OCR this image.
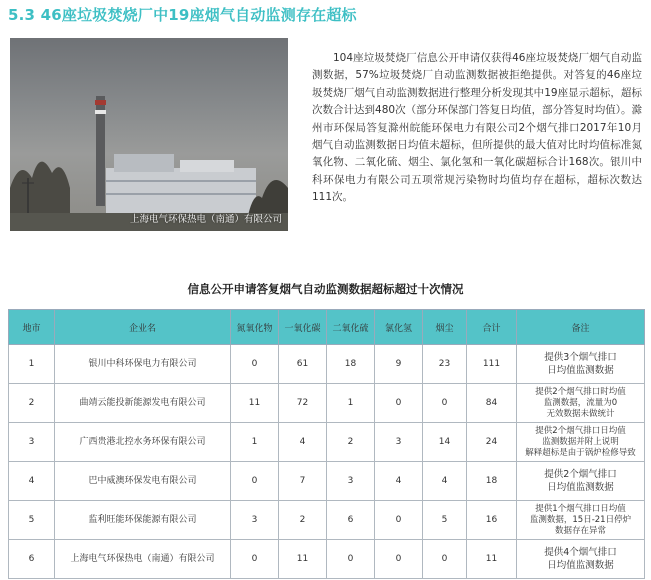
5.3 46座垃圾焚烧厂中19座烟气自动监测存在超标
上海电气环保热电（南通）有限公司

104座垃圾焚烧厂信息公开申请仅获得46座垃圾焚烧厂烟气自动监测数据，57%垃圾焚烧厂自动监测数据被拒绝提供。对答复的46座垃圾焚烧厂烟气自动监测数据进行整理分析发现其中19座显示超标，超标次数合计达到480次（部分环保部门答复日均值，部分答复时均值）。滁州市环保局答复滁州皖能环保电力有限公司2个烟气排口2017年10月烟气自动监测数据日均值未超标，但所提供的最大值对比时均值标准氮氧化物、二氧化硫、烟尘、氯化氢和一氧化碳超标合计168次。银川中科环保电力有限公司五项常规污染物时均值均存在超标，超标次数达111次。

信息公开申请答复烟气自动监测数据超标超过十次情况
地市	企业名	氮氧化物	一氧化碳	二氧化硫	氯化氢	烟尘	合计	备注
1	银川中科环保电力有限公司	0	61	18	9	23	111	提供3个烟气排口
日均值监测数据

2	曲靖云能投新能源发电有限公司	11	72	1	0	0	84	提供2个烟气排口时均值
监测数据，流量为0
无效数据未做统计

3	广西贵港北控水务环保有限公司	1	4	2	3	14	24	提供2个烟气排口日均值
监测数据并附上说明
解释超标是由于锅炉检修导致

4	巴中威澳环保发电有限公司	0	7	3	4	4	18	提供2个烟气排口
日均值监测数据

5	监利旺能环保能源有限公司	3	2	6	0	5	16	提供1个烟气排口日均值
监测数据，15日-21日停炉
数据存在异常

6	上海电气环保热电（南通）有限公司	0	11	0	0	0	11	提供4个烟气排口
日均值监测数据
